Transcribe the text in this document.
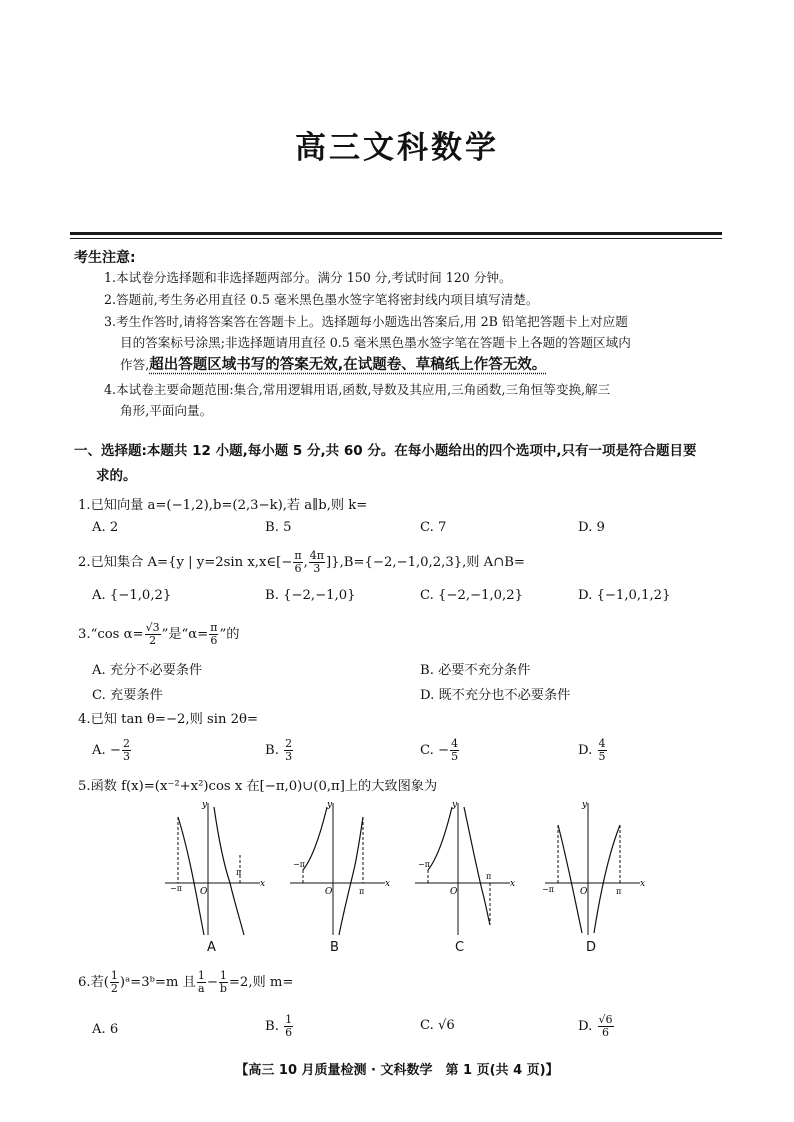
高三文科数学
考生注意:
1.本试卷分选择题和非选择题两部分。满分 150 分,考试时间 120 分钟。
2.答题前,考生务必用直径 0.5 毫米黑色墨水签字笔将密封线内项目填写清楚。
3.考生作答时,请将答案答在答题卡上。选择题每小题选出答案后,用 2B 铅笔把答题卡上对应题
目的答案标号涂黑;非选择题请用直径 0.5 毫米黑色墨水签字笔在答题卡上各题的答题区域内
作答,超出答题区域书写的答案无效,在试题卷、草稿纸上作答无效。
4.本试卷主要命题范围:集合,常用逻辑用语,函数,导数及其应用,三角函数,三角恒等变换,解三
角形,平面向量。
一、选择题:本题共 12 小题,每小题 5 分,共 60 分。在每小题给出的四个选项中,只有一项是符合题目要
求的。
1.已知向量 a=(−1,2),b=(2,3−k),若 a∥b,则 k=
A. 2	B. 5	C. 7	D. 9
2.已知集合 A={y | y=2sin x,x∈[− $\frac{\pi}{6}$ , $\frac{4\pi}{3} ]\},B=\{-2,-1,0,2,3\}$,则 A∩B=
A. {−1,0,2}	B. {−2,−1,0}	C. {−2,−1,0,2}	D. {−1,0,1,2}
3.“cos $\alpha= \frac{√3}{2}$ ”是“$\alpha= \frac{\pi}{6}$ ”的
A. 充分不必要条件	B. 必要不充分条件
C. 充要条件	D. 既不充分也不必要条件
4.已知 tan θ=−2,则 sin 2θ=
A. − $\frac{2}{3}$	B. $\frac{2}{3}$	C. − $\frac{4}{5}$	D. $\frac{4}{5}$
5.函数 f(x)=(x⁻²+x²)cos x 在[−π,0)∪(0,π]上的大致图象为
y
x
O
−π
π
A
y
x
O
−π
π
B
y
x
O
−π
π
C
y
x
O
−π	π
D
6.若( $\frac{1}{2}$ )ᵃ=3ᵇ=m 且 $\frac{1}{a} - \frac{1}{b} =2$,则 m=
A. 6	B. $\frac{1}{6}$	C. √6	D. $\frac{√6}{6}$
【高三 10 月质量检测 · 文科数学　第 1 页(共 4 页)】
